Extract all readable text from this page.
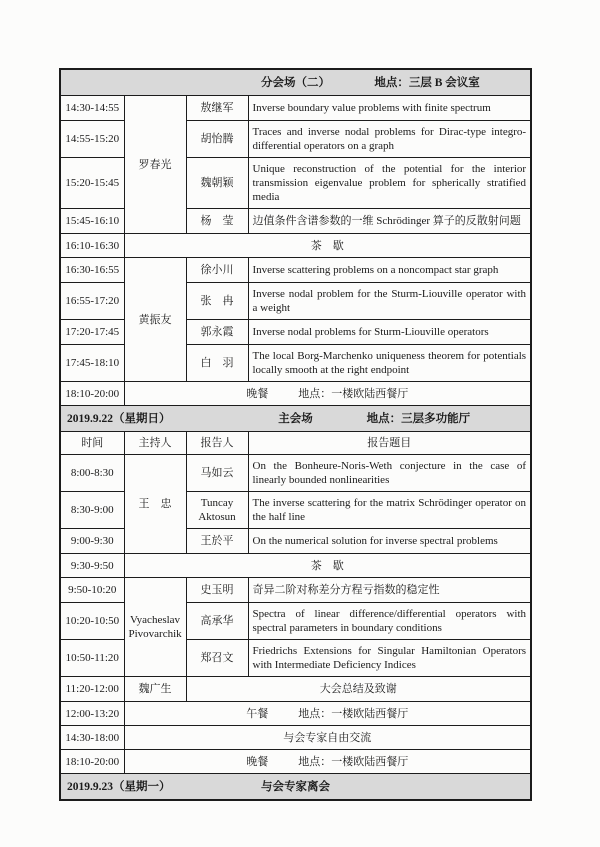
分会场（二） 地点：三层 B 会议室			

14:30-14:55	罗春光	敖继军	Inverse boundary value problems with finite spectrum
14:55-15:20		胡怡腾	Traces and inverse nodal problems for Dirac-type integro-differential operators on a graph
15:20-15:45		魏朝颖	Unique reconstruction of the potential for the interior transmission eigenvalue problem for spherically stratified media
15:45-16:10		杨　莹	边值条件含谱参数的一维 Schrödinger 算子的反散射问题
16:10-16:30	茶　歇		
16:30-16:55	黄振友	徐小川	Inverse scattering problems on a noncompact star graph
16:55-17:20		张　冉	Inverse nodal problem for the Sturm-Liouville operator with a weight
17:20-17:45		郭永霞	Inverse nodal problems for Sturm-Liouville operators
17:45-18:10		白　羽	The local Borg-Marchenko uniqueness theorem for potentials locally smooth at the right endpoint
18:10-20:00	晚餐 地点：一楼欧陆西餐厅		

2019.9.22（星期日） 主会场 地点：三层多功能厅			

时间	主持人	报告人	报告题目
8:00-8:30	王　忠	马如云	On the Bonheure-Noris-Weth conjecture in the case of linearly bounded nonlinearities
8:30-9:00		Tuncay Aktosun	The inverse scattering for the matrix Schrödinger operator on the half line
9:00-9:30		王於平	On the numerical solution for inverse spectral problems
9:30-9:50	茶　歇		
9:50-10:20	Vyacheslav Pivovarchik	史玉明	奇异二阶对称差分方程亏指数的稳定性
10:20-10:50		高承华	Spectra of linear difference/differential operators with spectral parameters in boundary conditions
10:50-11:20		郑召文	Friedrichs Extensions for Singular Hamiltonian Operators with Intermediate Deficiency Indices
11:20-12:00	魏广生	大会总结及致谢	
12:00-13:20	午餐 地点：一楼欧陆西餐厅		

14:30-18:00	与会专家自由交流		
18:10-20:00	晚餐 地点：一楼欧陆西餐厅		

2019.9.23（星期一） 与会专家离会			
